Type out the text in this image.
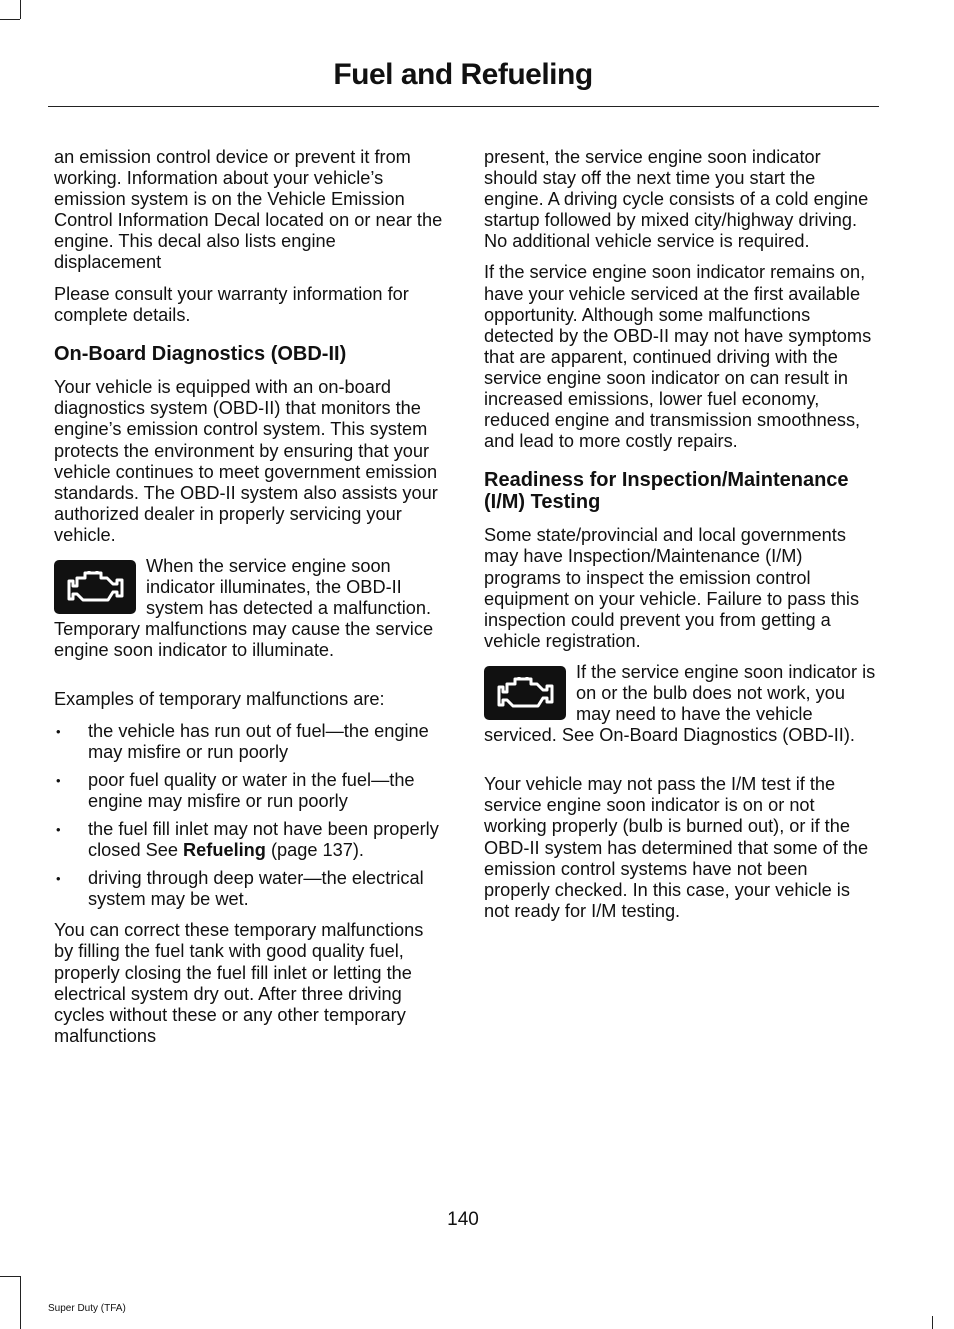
Fuel and Refueling

an emission control device or prevent it from working. Information about your vehicle’s emission system is on the Vehicle Emission Control Information Decal located on or near the engine. This decal also lists engine displacement

Please consult your warranty information for complete details.

On-Board Diagnostics (OBD-II)

Your vehicle is equipped with an on-board diagnostics system (OBD-II) that monitors the engine’s emission control system. This system protects the environment by ensuring that your vehicle continues to meet government emission standards. The OBD-II system also assists your authorized dealer in properly servicing your vehicle.

When the service engine soon indicator illuminates, the OBD-II system has detected a malfunction. Temporary malfunctions may cause the service engine soon indicator to illuminate.

Examples of temporary malfunctions are:

• the vehicle has run out of fuel—the engine may misfire or run poorly
• poor fuel quality or water in the fuel—the engine may misfire or run poorly
• the fuel fill inlet may not have been properly closed See Refueling (page 137).
• driving through deep water—the electrical system may be wet.

You can correct these temporary malfunctions by filling the fuel tank with good quality fuel, properly closing the fuel fill inlet or letting the electrical system dry out. After three driving cycles without these or any other temporary malfunctions

present, the service engine soon indicator should stay off the next time you start the engine. A driving cycle consists of a cold engine startup followed by mixed city/highway driving. No additional vehicle service is required.

If the service engine soon indicator remains on, have your vehicle serviced at the first available opportunity. Although some malfunctions detected by the OBD-II may not have symptoms that are apparent, continued driving with the service engine soon indicator on can result in increased emissions, lower fuel economy, reduced engine and transmission smoothness, and lead to more costly repairs.

Readiness for Inspection/Maintenance (I/M) Testing

Some state/provincial and local governments may have Inspection/Maintenance (I/M) programs to inspect the emission control equipment on your vehicle. Failure to pass this inspection could prevent you from getting a vehicle registration.

If the service engine soon indicator is on or the bulb does not work, you may need to have the vehicle serviced. See On-Board Diagnostics (OBD-II).

Your vehicle may not pass the I/M test if the service engine soon indicator is on or not working properly (bulb is burned out), or if the OBD-II system has determined that some of the emission control systems have not been properly checked. In this case, your vehicle is not ready for I/M testing.

140
Super Duty (TFA)
